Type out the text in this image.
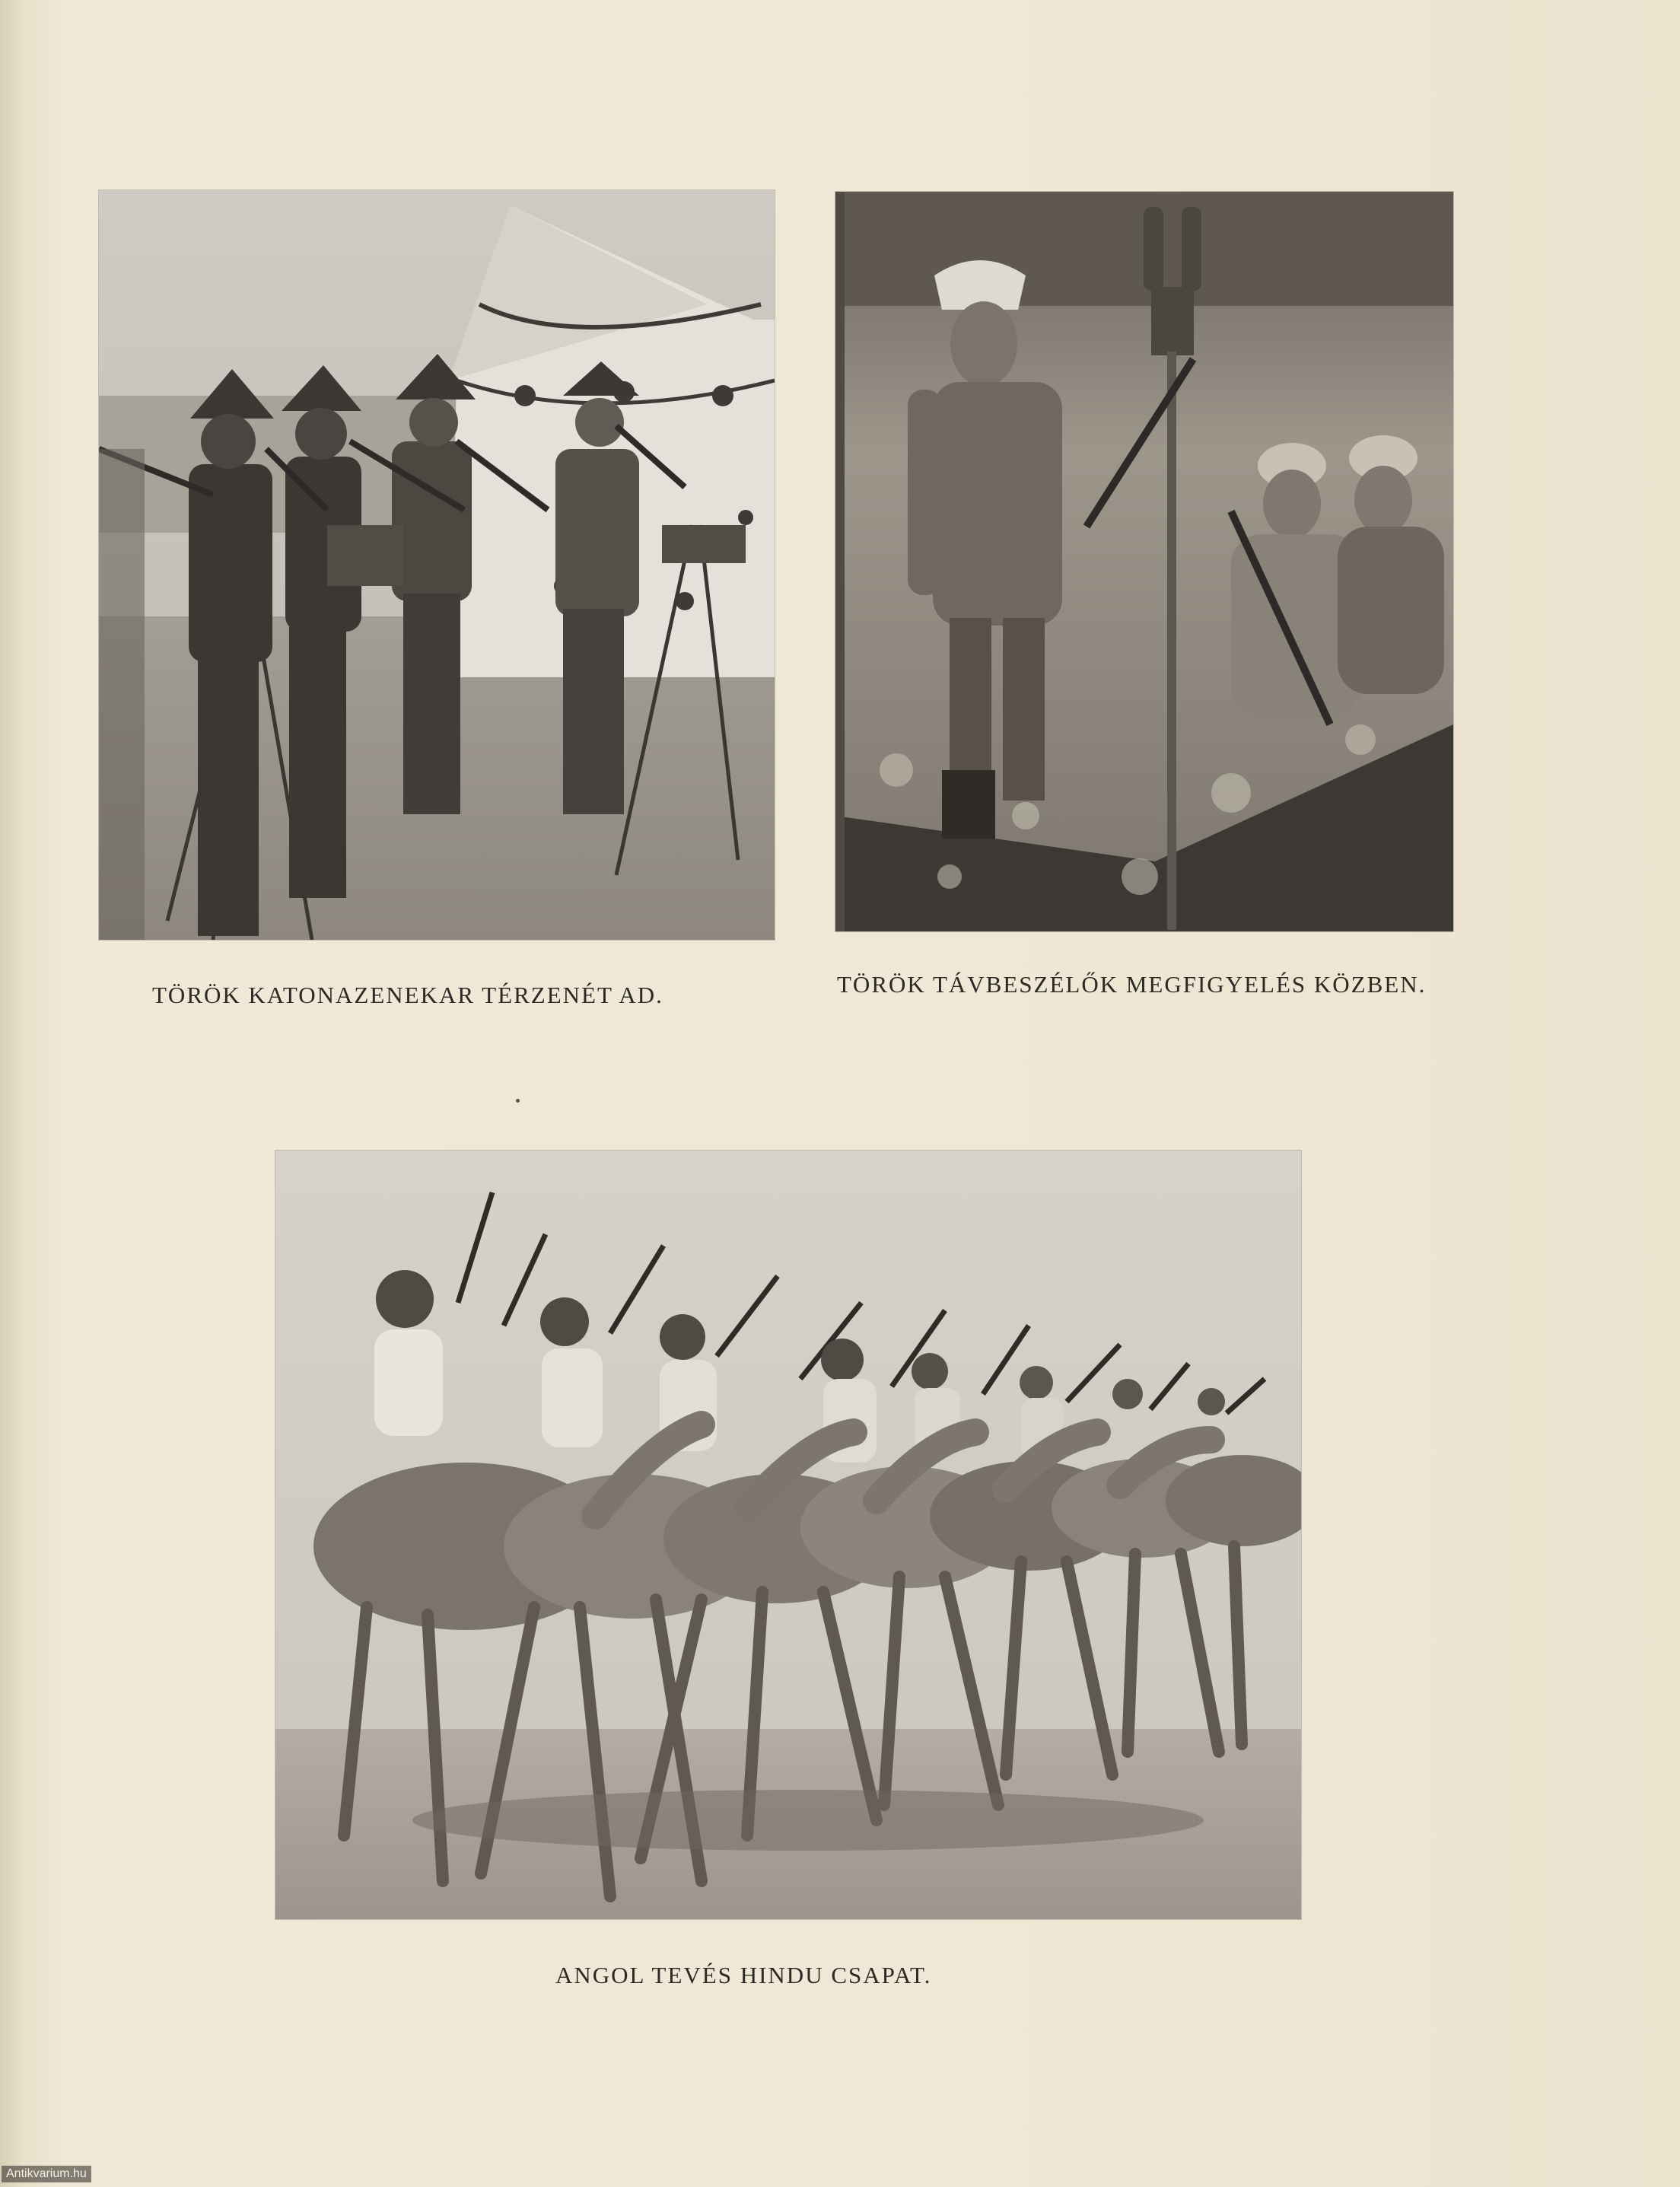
TÖRÖK KATONAZENEKAR TÉRZENÉT AD.	TÖRÖK TÁVBESZÉLŐK MEGFIGYELÉS KÖZBEN.
ANGOL TEVÉS HINDU CSAPAT.
Antikvarium.hu
